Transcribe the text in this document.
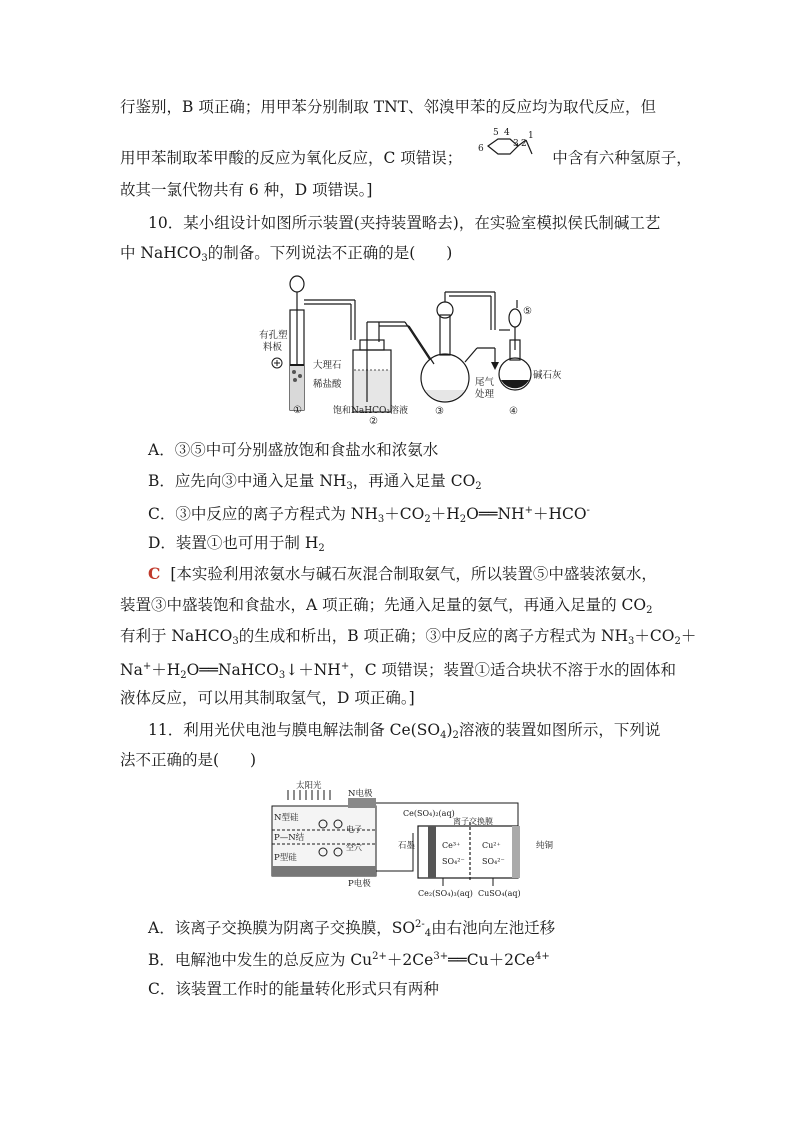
行鉴别，B 项正确；用甲苯分别制取 TNT、邻溴甲苯的反应均为取代反应，但
用甲苯制取苯甲酸的反应为氧化反应，C 项错误；	中含有六种氢原子，
5 4
3 2
1
6
故其一氯代物共有 6 种，D 项错误。]
10．某小组设计如图所示装置(夹持装置略去)，在实验室模拟侯氏制碱工艺
中 NaHCO$_3$的制备。下列说法不正确的是(　　)
有孔塑
料板
大理石
稀盐酸
①	饱和NaHCO₃溶液
②
尾气
处理
③
⑤
碱石灰
④
A．③⑤中可分别盛放饱和食盐水和浓氨水
B．应先向③中通入足量 $NH_3$，再通入足量 $CO_2$
C．③中反应的离子方程式为 $NH_3+CO_2+H_2O══NH^++HCO^-$
D．装置①也可用于制 $H_2$
C [本实验利用浓氨水与碱石灰混合制取氨气，所以装置⑤中盛装浓氨水，
装置③中盛装饱和食盐水，A 项正确；先通入足量的氨气，再通入足量的 $CO_2$
有利于 NaHCO$_3$的生成和析出，B 项正确；③中反应的离子方程式为 $NH_3+CO_2+$
$Na^++H_2O══NaHCO_3↓+NH^+$，C 项错误；装置①适合块状不溶于水的固体和
液体反应，可以用其制取氢气，D 项正确。]
11．利用光伏电池与膜电解法制备 $Ce(SO_4)_2$溶液的装置如图所示，下列说
法不正确的是(　　)
太阳光
N电极
N型硅
P—N结
P型硅
P电极
电子
空穴	石墨	纯铜
Ce(SO₄)₂(aq)
离子交换膜
Ce³⁺
SO₄²⁻
Cu²⁺
SO₄²⁻
Ce₂(SO₄)₃(aq) CuSO₄(aq)
A．该离子交换膜为阴离子交换膜，$SO^{2-}_4$由右池向左池迁移
B．电解池中发生的总反应为 $Cu^{2+}+2Ce^{3+}══Cu+2Ce^{4+}$
C．该装置工作时的能量转化形式只有两种
